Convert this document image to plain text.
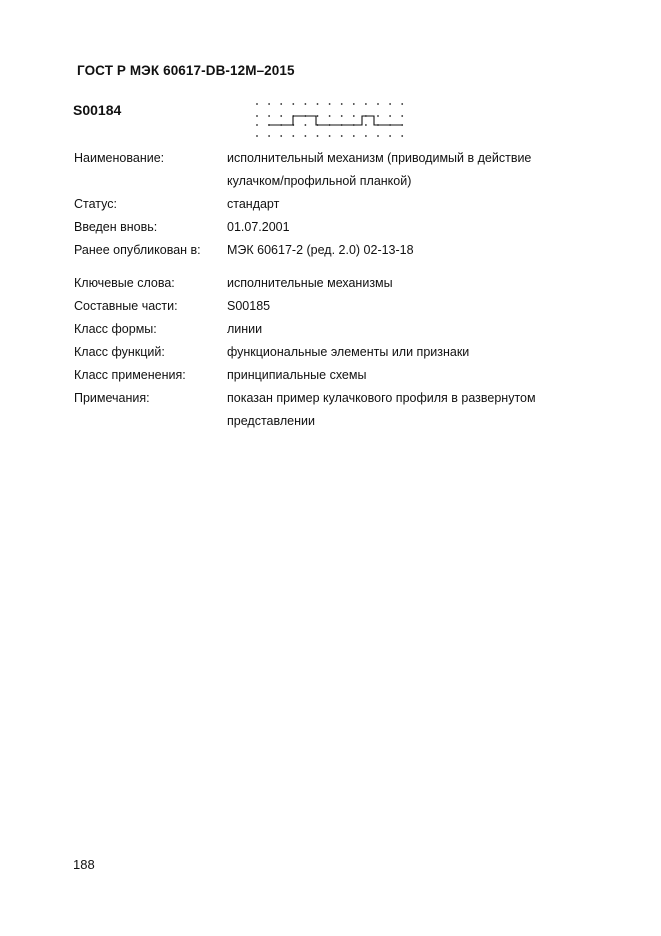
ГОСТ Р МЭК 60617-DB-12M–2015
S00184
Наименование:	исполнительный механизм (приводимый в действие
кулачком/профильной планкой)
Статус:	стандарт
Введен вновь:	01.07.2001
Ранее опубликован в:	МЭК 60617-2 (ред. 2.0) 02-13-18
Ключевые слова:	исполнительные механизмы
Составные части:	S00185
Класс формы:	линии
Класс функций:	функциональные элементы или признаки
Класс применения:	принципиальные схемы
Примечания:	показан пример кулачкового профиля в развернутом
представлении
188
